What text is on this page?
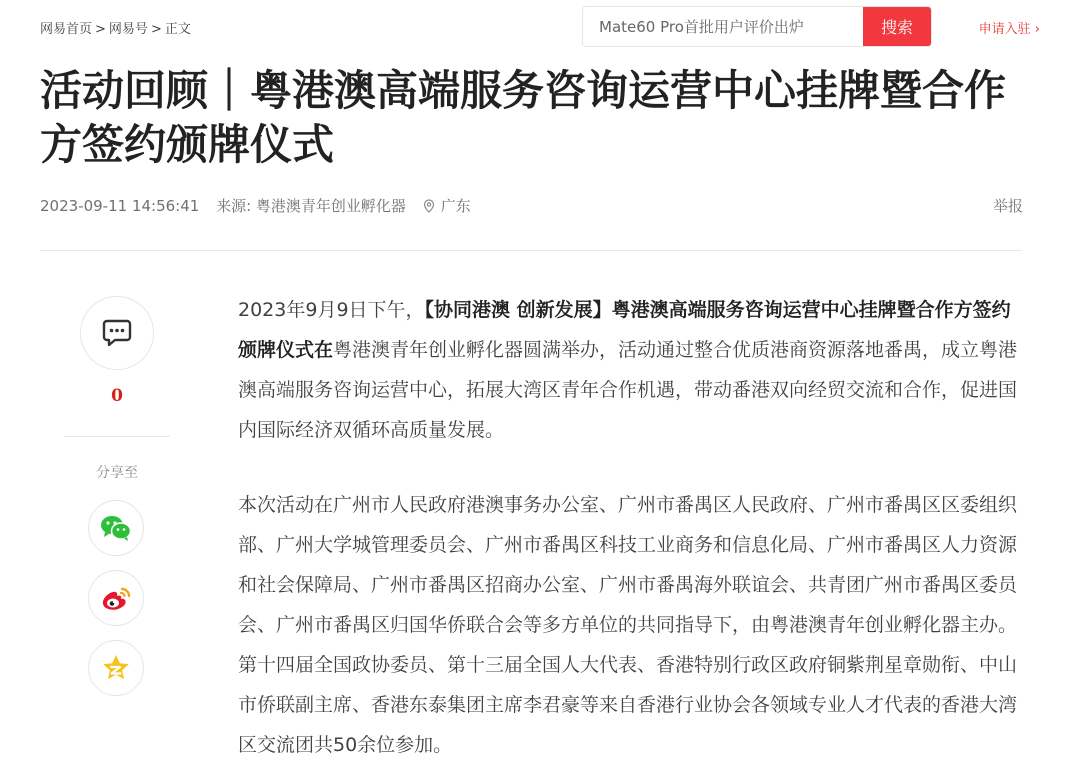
网易首页 > 网易号 > 正文
Mate60 Pro首批用户评价出炉	搜索	申请入驻 ›
活动回顾｜粤港澳高端服务咨询运营中心挂牌暨合作方签约颁牌仪式
2023-09-11 14:56:41 来源: 粤港澳青年创业孵化器 广东	举报
0
分享至

2023年9月9日下午，【协同港澳 创新发展】粤港澳高端服务咨询运营中心挂牌暨合作方签约颁牌仪式在粤港澳青年创业孵化器圆满举办，活动通过整合优质港商资源落地番禺，成立粤港澳高端服务咨询运营中心，拓展大湾区青年合作机遇，带动番港双向经贸交流和合作，促进国内国际经济双循环高质量发展。

本次活动在广州市人民政府港澳事务办公室、广州市番禺区人民政府、广州市番禺区区委组织部、广州大学城管理委员会、广州市番禺区科技工业商务和信息化局、广州市番禺区人力资源和社会保障局、广州市番禺区招商办公室、广州市番禺海外联谊会、共青团广州市番禺区委员会、广州市番禺区归国华侨联合会等多方单位的共同指导下，由粤港澳青年创业孵化器主办。第十四届全国政协委员、第十三届全国人大代表、香港特别行政区政府铜紫荆星章勋衔、中山市侨联副主席、香港东泰集团主席李君豪等来自香港行业协会各领域专业人才代表的香港大湾区交流团共50余位参加。
